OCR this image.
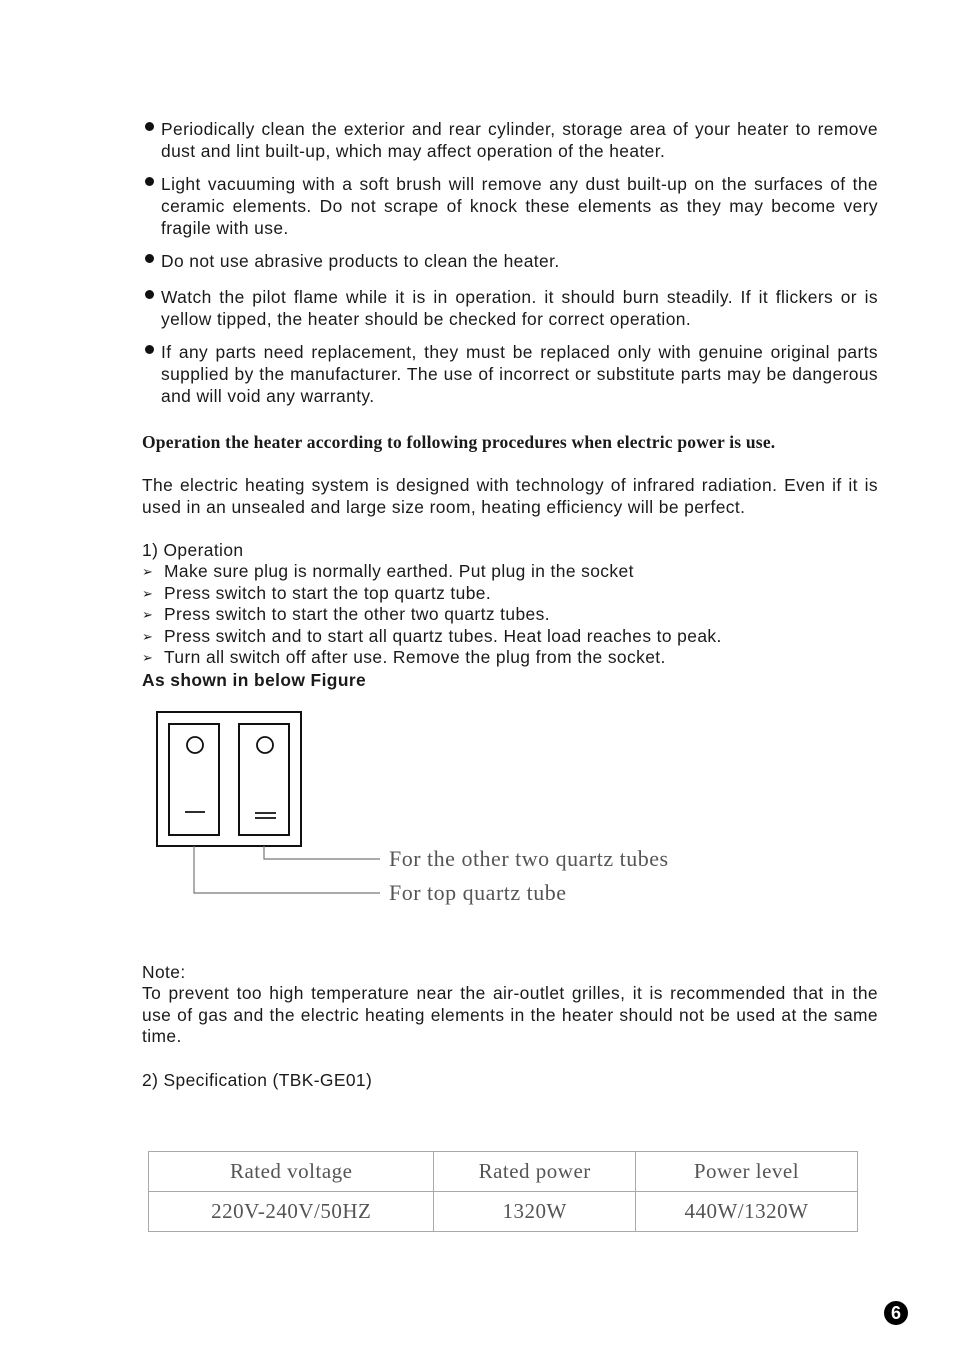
Periodically clean the exterior and rear cylinder, storage area of your heater to remove dust and lint built-up, which may affect operation of the heater.
Light vacuuming with a soft brush will remove any dust built-up on the surfaces of the ceramic elements. Do not scrape of knock these elements as they may become very fragile with use.
Do not use abrasive products to clean the heater.
Watch the pilot flame while it is in operation. it should burn steadily. If it flickers or is yellow tipped, the heater should be checked for correct operation.
If any parts need replacement, they must be replaced only with genuine original parts supplied by the manufacturer. The use of incorrect or substitute parts may be dangerous and will void any warranty.
Operation the heater according to following procedures when electric power is use.
The electric heating system is designed with technology of infrared radiation. Even if it is used in an unsealed and large size room, heating efficiency will be perfect.
1) Operation
➢ Make sure plug is normally earthed. Put plug in the socket
➢ Press switch to start the top quartz tube.
➢ Press switch to start the other two quartz tubes.
➢ Press switch and to start all quartz tubes. Heat load reaches to peak.
➢ Turn all switch off after use. Remove the plug from the socket.
As shown in below Figure
For the other two quartz tubes
For top quartz tube
Note:
To prevent too high temperature near the air-outlet grilles, it is recommended that in the use of gas and the electric heating elements in the heater should not be used at the same time.
2) Specification (TBK-GE01)
Rated voltage	Rated power	Power level
220V-240V/50HZ	1320W	440W/1320W
6
